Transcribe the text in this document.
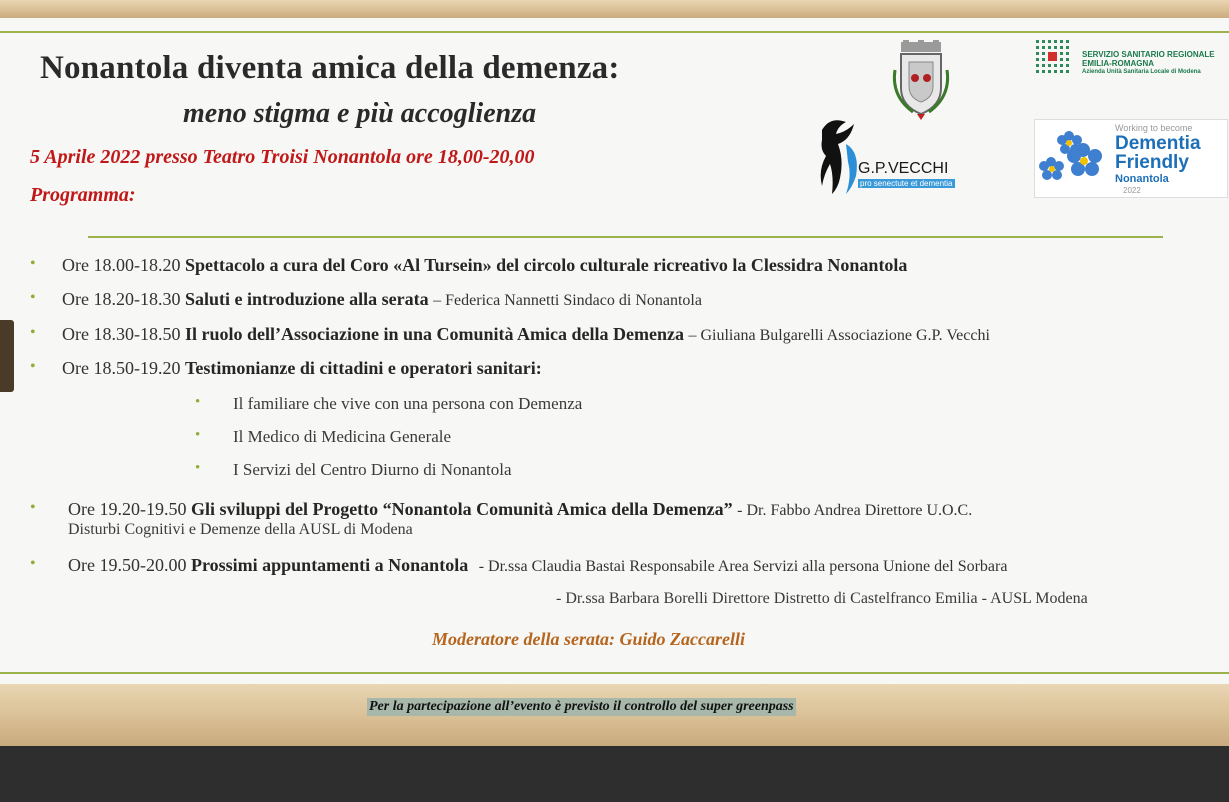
Nonantola diventa amica della demenza:
meno stigma e più accoglienza
5 Aprile 2022 presso Teatro Troisi Nonantola ore 18,00-20,00
Programma:
SERVIZIO SANITARIO REGIONALE
EMILIA-ROMAGNA
Azienda Unità Sanitaria Locale di Modena
G.P.VECCHI
pro senectute et dementia
Working to become
Dementia
Friendly
Nonantola
2022
• Ore 18.00-18.20 Spettacolo a cura del Coro «Al Tursein» del circolo culturale ricreativo la Clessidra Nonantola
• Ore 18.20-18.30 Saluti e introduzione alla serata – Federica Nannetti Sindaco di Nonantola
• Ore 18.30-18.50 Il ruolo dell’Associazione in una Comunità Amica della Demenza – Giuliana Bulgarelli Associazione G.P. Vecchi
• Ore 18.50-19.20 Testimonianze di cittadini e operatori sanitari:
• Il familiare che vive con una persona con Demenza
• Il Medico di Medicina Generale
• I Servizi del Centro Diurno di Nonantola
• Ore 19.20-19.50 Gli sviluppi del Progetto “Nonantola Comunità Amica della Demenza” - Dr. Fabbo Andrea Direttore U.O.C.
Disturbi Cognitivi e Demenze della AUSL di Modena
• Ore 19.50-20.00 Prossimi appuntamenti a Nonantola - Dr.ssa Claudia Bastai Responsabile Area Servizi alla persona Unione del Sorbara
- Dr.ssa Barbara Borelli Direttore Distretto di Castelfranco Emilia - AUSL Modena
Moderatore della serata: Guido Zaccarelli
Per la partecipazione all’evento è previsto il controllo del super greenpass
